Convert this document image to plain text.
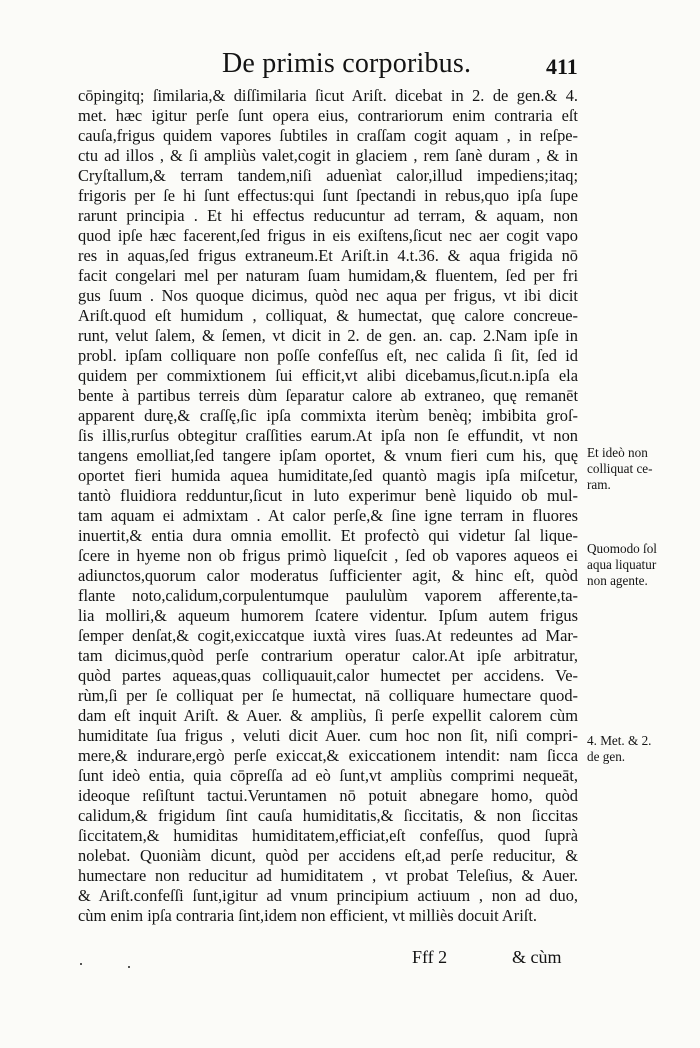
De primis corporibus.	411
cōpingitq; ſimilaria,& diſſimilaria ſicut Ariſt. dicebat in 2. de gen.& 4.
met. hæc igitur perſe ſunt opera eius, contrariorum enim contraria eſt
cauſa,frigus quidem vapores ſubtiles in craſſam cogit aquam , in reſpe-
ctu ad illos , & ſi ampliùs valet,cogit in glaciem , rem ſanè duram , & in
Cryſtallum,& terram tandem,niſi aduenìat calor,illud impediens;itaq;
frigoris per ſe hi ſunt effectus:qui ſunt ſpectandi in rebus,quo ipſa ſupe
rarunt principia . Et hi effectus reducuntur ad terram, & aquam, non
quod ipſe hæc facerent,ſed frigus in eis exiſtens,ſicut nec aer cogit vapo
res in aquas,ſed frigus extraneum.Et Ariſt.in 4.t.36. & aqua frigida nō
facit congelari mel per naturam ſuam humidam,& fluentem, ſed per fri
gus ſuum . Nos quoque dicimus, quòd nec aqua per frigus, vt ibi dicit
Ariſt.quod eſt humidum , colliquat, & humectat, quę calore concreue-
runt, velut ſalem, & ſemen, vt dicit in 2. de gen. an. cap. 2.Nam ipſe in
probl. ipſam colliquare non poſſe confeſſus eſt, nec calida ſi ſit, ſed id
quidem per commixtionem ſui efficit,vt alibi dicebamus,ſicut.n.ipſa ela
bente à partibus terreis dùm ſeparatur calore ab extraneo, quę remanēt
apparent durę,& craſſę,ſic ipſa commixta iterùm benèq; imbibita groſ-
ſis illis,rurſus obtegitur craſſities earum.At ipſa non ſe effundit, vt non
tangens emolliat,ſed tangere ipſam oportet, & vnum fieri cum his, quę
oportet fieri humida aquea humiditate,ſed quantò magis ipſa miſcetur,
tantò fluidiora redduntur,ſicut in luto experimur benè liquido ob mul-
tam aquam ei admixtam . At calor perſe,& ſine igne terram in fluores
inuertit,& entia dura omnia emollit. Et profectò qui videtur ſal lique-
ſcere in hyeme non ob frigus primò liqueſcit , ſed ob vapores aqueos ei
adiunctos,quorum calor moderatus ſufficienter agit, & hinc eſt, quòd
flante noto,calidum,corpulentumque paululùm vaporem afferente,ta-
lia molliri,& aqueum humorem ſcatere videntur. Ipſum autem frigus
ſemper denſat,& cogit,exiccatque iuxtà vires ſuas.At redeuntes ad Mar-
tam dicimus,quòd perſe contrarium operatur calor.At ipſe arbitratur,
quòd partes aqueas,quas colliquauit,calor humectet per accidens. Ve-
rùm,ſi per ſe colliquat per ſe humectat, nā colliquare humectare quod-
dam eſt inquit Ariſt. & Auer. & ampliùs, ſi perſe expellit calorem cùm
humiditate ſua frigus , veluti dicit Auer. cum hoc non ſit, niſi compri-
mere,& indurare,ergò perſe exiccat,& exiccationem intendit: nam ſicca
ſunt ideò entia, quia cōpreſſa ad eò ſunt,vt ampliùs comprimi nequeāt,
ideoque reſiſtunt tactui.Veruntamen nō potuit abnegare homo, quòd
calidum,& frigidum ſint cauſa humiditatis,& ſiccitatis, & non ſiccitas
ſiccitatem,& humiditas humiditatem,efficiat,eſt confeſſus, quod ſuprà
nolebat. Quoniàm dicunt, quòd per accidens eſt,ad perſe reducitur, &
humectare non reducitur ad humiditatem , vt probat Teleſius, & Auer.
& Ariſt.confeſſi ſunt,igitur ad vnum principium actiuum , non ad duo,
cùm enim ipſa contraria ſint,idem non efficient, vt milliès docuit Ariſt.
Et ideò non
colliquat ce-
ram.
Quomodo ſol
aqua liquatur
non agente.
4. Met. & 2.
de gen.
Fff 2	& cùm
